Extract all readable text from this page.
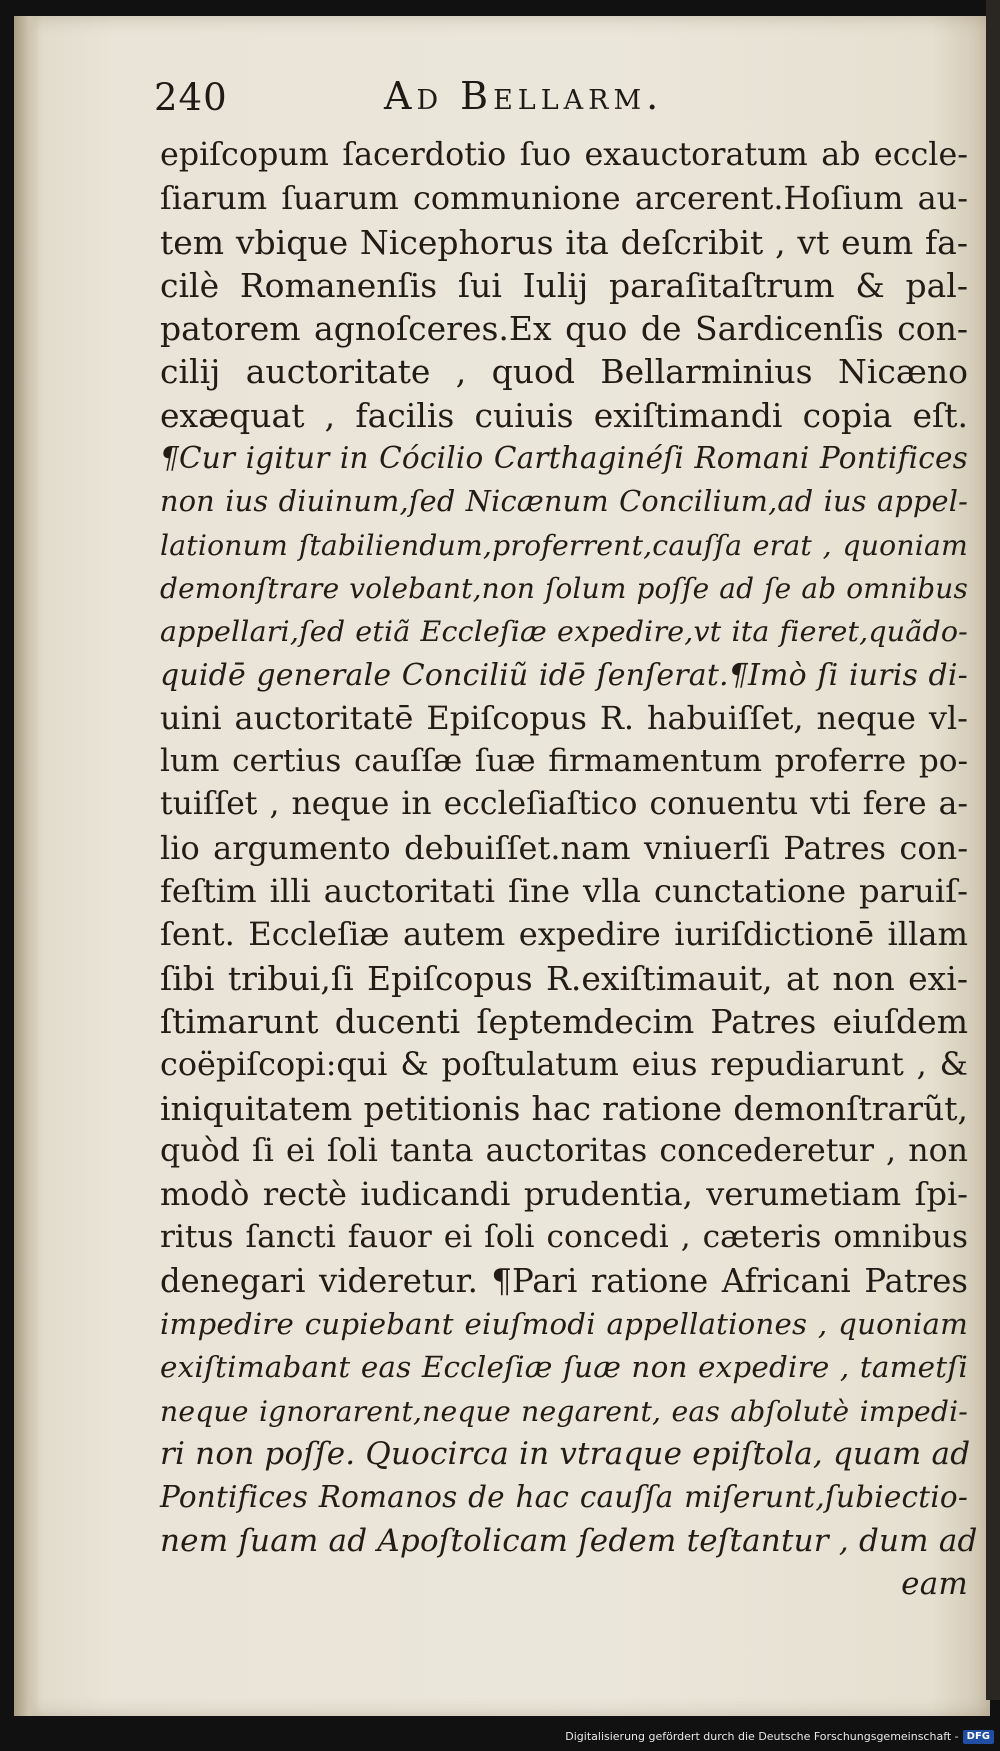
240	Ad Bellarm.
epiſcopum ſacerdotio ſuo exauctoratum ab eccle-
ſiarum ſuarum communione arcerent.Hoſium au-
tem vbique Nicephorus ita deſcribit , vt eum fa-
cilè Romanenſis ſui Iulij paraſitaſtrum & pal-
patorem agnoſceres.Ex quo de Sardicenſis con-
cilij auctoritate , quod Bellarminius Nicæno
exæquat , facilis cuiuis exiſtimandi copia eſt.
¶Cur igitur in Cócilio Carthaginéſi Romani Pontifices
non ius diuinum,ſed Nicænum Concilium,ad ius appel-
lationum ſtabiliendum,proferrent,cauſſa erat , quoniam
demonſtrare volebant,non ſolum poſſe ad ſe ab omnibus
appellari,ſed etiã Eccleſiæ expedire,vt ita fieret,quãdo-
quidē generale Conciliũ idē ſenſerat.¶Imò ſi iuris di-
uini auctoritatē Epiſcopus R. habuiſſet, neque vl-
lum certius cauſſæ ſuæ firmamentum proferre po-
tuiſſet , neque in eccleſiaſtico conuentu vti fere a-
lio argumento debuiſſet.nam vniuerſi Patres con-
feſtim illi auctoritati ſine vlla cunctatione paruiſ-
ſent. Eccleſiæ autem expedire iuriſdictionē illam
ſibi tribui,ſi Epiſcopus R.exiſtimauit, at non exi-
ſtimarunt ducenti ſeptemdecim Patres eiuſdem
coëpiſcopi:qui & poſtulatum eius repudiarunt , &
iniquitatem petitionis hac ratione demonſtrarũt,
quòd ſi ei ſoli tanta auctoritas concederetur , non
modò rectè iudicandi prudentia, verumetiam ſpi-
ritus ſancti fauor ei ſoli concedi , cæteris omnibus
denegari videretur. ¶Pari ratione Africani Patres
impedire cupiebant eiuſmodi appellationes , quoniam
exiſtimabant eas Eccleſiæ ſuæ non expedire , tametſi
neque ignorarent,neque negarent, eas abſolutè impedi-
ri non poſſe. Quocirca in vtraque epiſtola, quam ad
Pontifices Romanos de hac cauſſa miſerunt,ſubiectio-
nem ſuam ad Apoſtolicam ſedem teſtantur , dum ad
eam
Digitalisierung gefördert durch die Deutsche Forschungsgemeinschaft - DFG
